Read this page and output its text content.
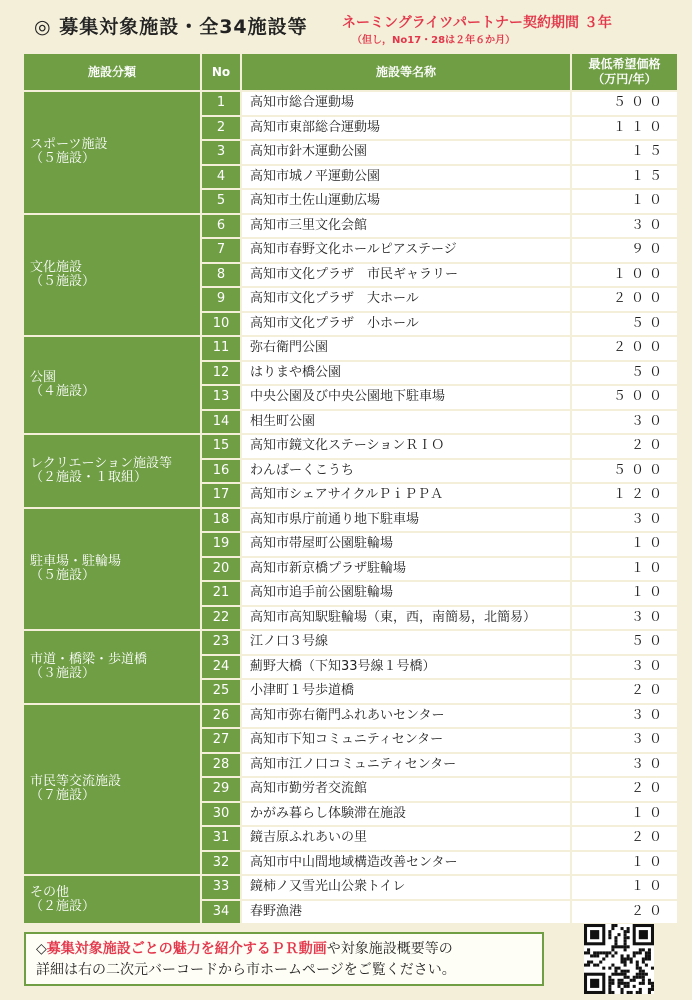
◎ 募集対象施設・全34施設等 ネーミングライツパートナー契約期間 ３年
（但し，No17・28は２年６か月）
施設分類	No	施設等名称	最低希望価格
（万円/年）

スポーツ施設
（５施設）	1	高知市総合運動場	５００
	2	高知市東部総合運動場	１１０
	3	高知市針木運動公園	１５
	4	高知市城ノ平運動公園	１５
	5	高知市土佐山運動広場	１０

文化施設
（５施設）	6	高知市三里文化会館	３０
	7	高知市春野文化ホールピアステージ	９０
	8	高知市文化プラザ　市民ギャラリー	１００
	9	高知市文化プラザ　大ホール	２００
	10	高知市文化プラザ　小ホール	５０

公園
（４施設）	11	弥右衛門公園	２００
	12	はりまや橋公園	５０
	13	中央公園及び中央公園地下駐車場	５００
	14	相生町公園	３０

レクリエーション施設等
（２施設・１取組）	15	高知市鏡文化ステーションＲＩＯ	２０
	16	わんぱーくこうち	５００
	17	高知市シェアサイクルＰｉＰＰＡ	１２０

駐車場・駐輪場
（５施設）	18	高知市県庁前通り地下駐車場	３０
	19	高知市帯屋町公園駐輪場	１０
	20	高知市新京橋プラザ駐輪場	１０
	21	高知市追手前公園駐輪場	１０
	22	高知市高知駅駐輪場（東，西，南簡易，北簡易）	３０

市道・橋梁・歩道橋
（３施設）	23	江ノ口３号線	５０
	24	薊野大橋（下知33号線１号橋）	３０
	25	小津町１号歩道橋	２０

市民等交流施設
（７施設）	26	高知市弥右衛門ふれあいセンター	３０
	27	高知市下知コミュニティセンター	３０
	28	高知市江ノ口コミュニティセンター	３０
	29	高知市勤労者交流館	２０
	30	かがみ暮らし体験滞在施設	１０
	31	鏡吉原ふれあいの里	２０
	32	高知市中山間地域構造改善センター	１０

その他
（２施設）	33	鏡柿ノ又雪光山公衆トイレ	１０
	34	春野漁港	２０
◇募集対象施設ごとの魅力を紹介するＰＲ動画や対象施設概要等の
詳細は右の二次元バーコードから市ホームページをご覧ください。
